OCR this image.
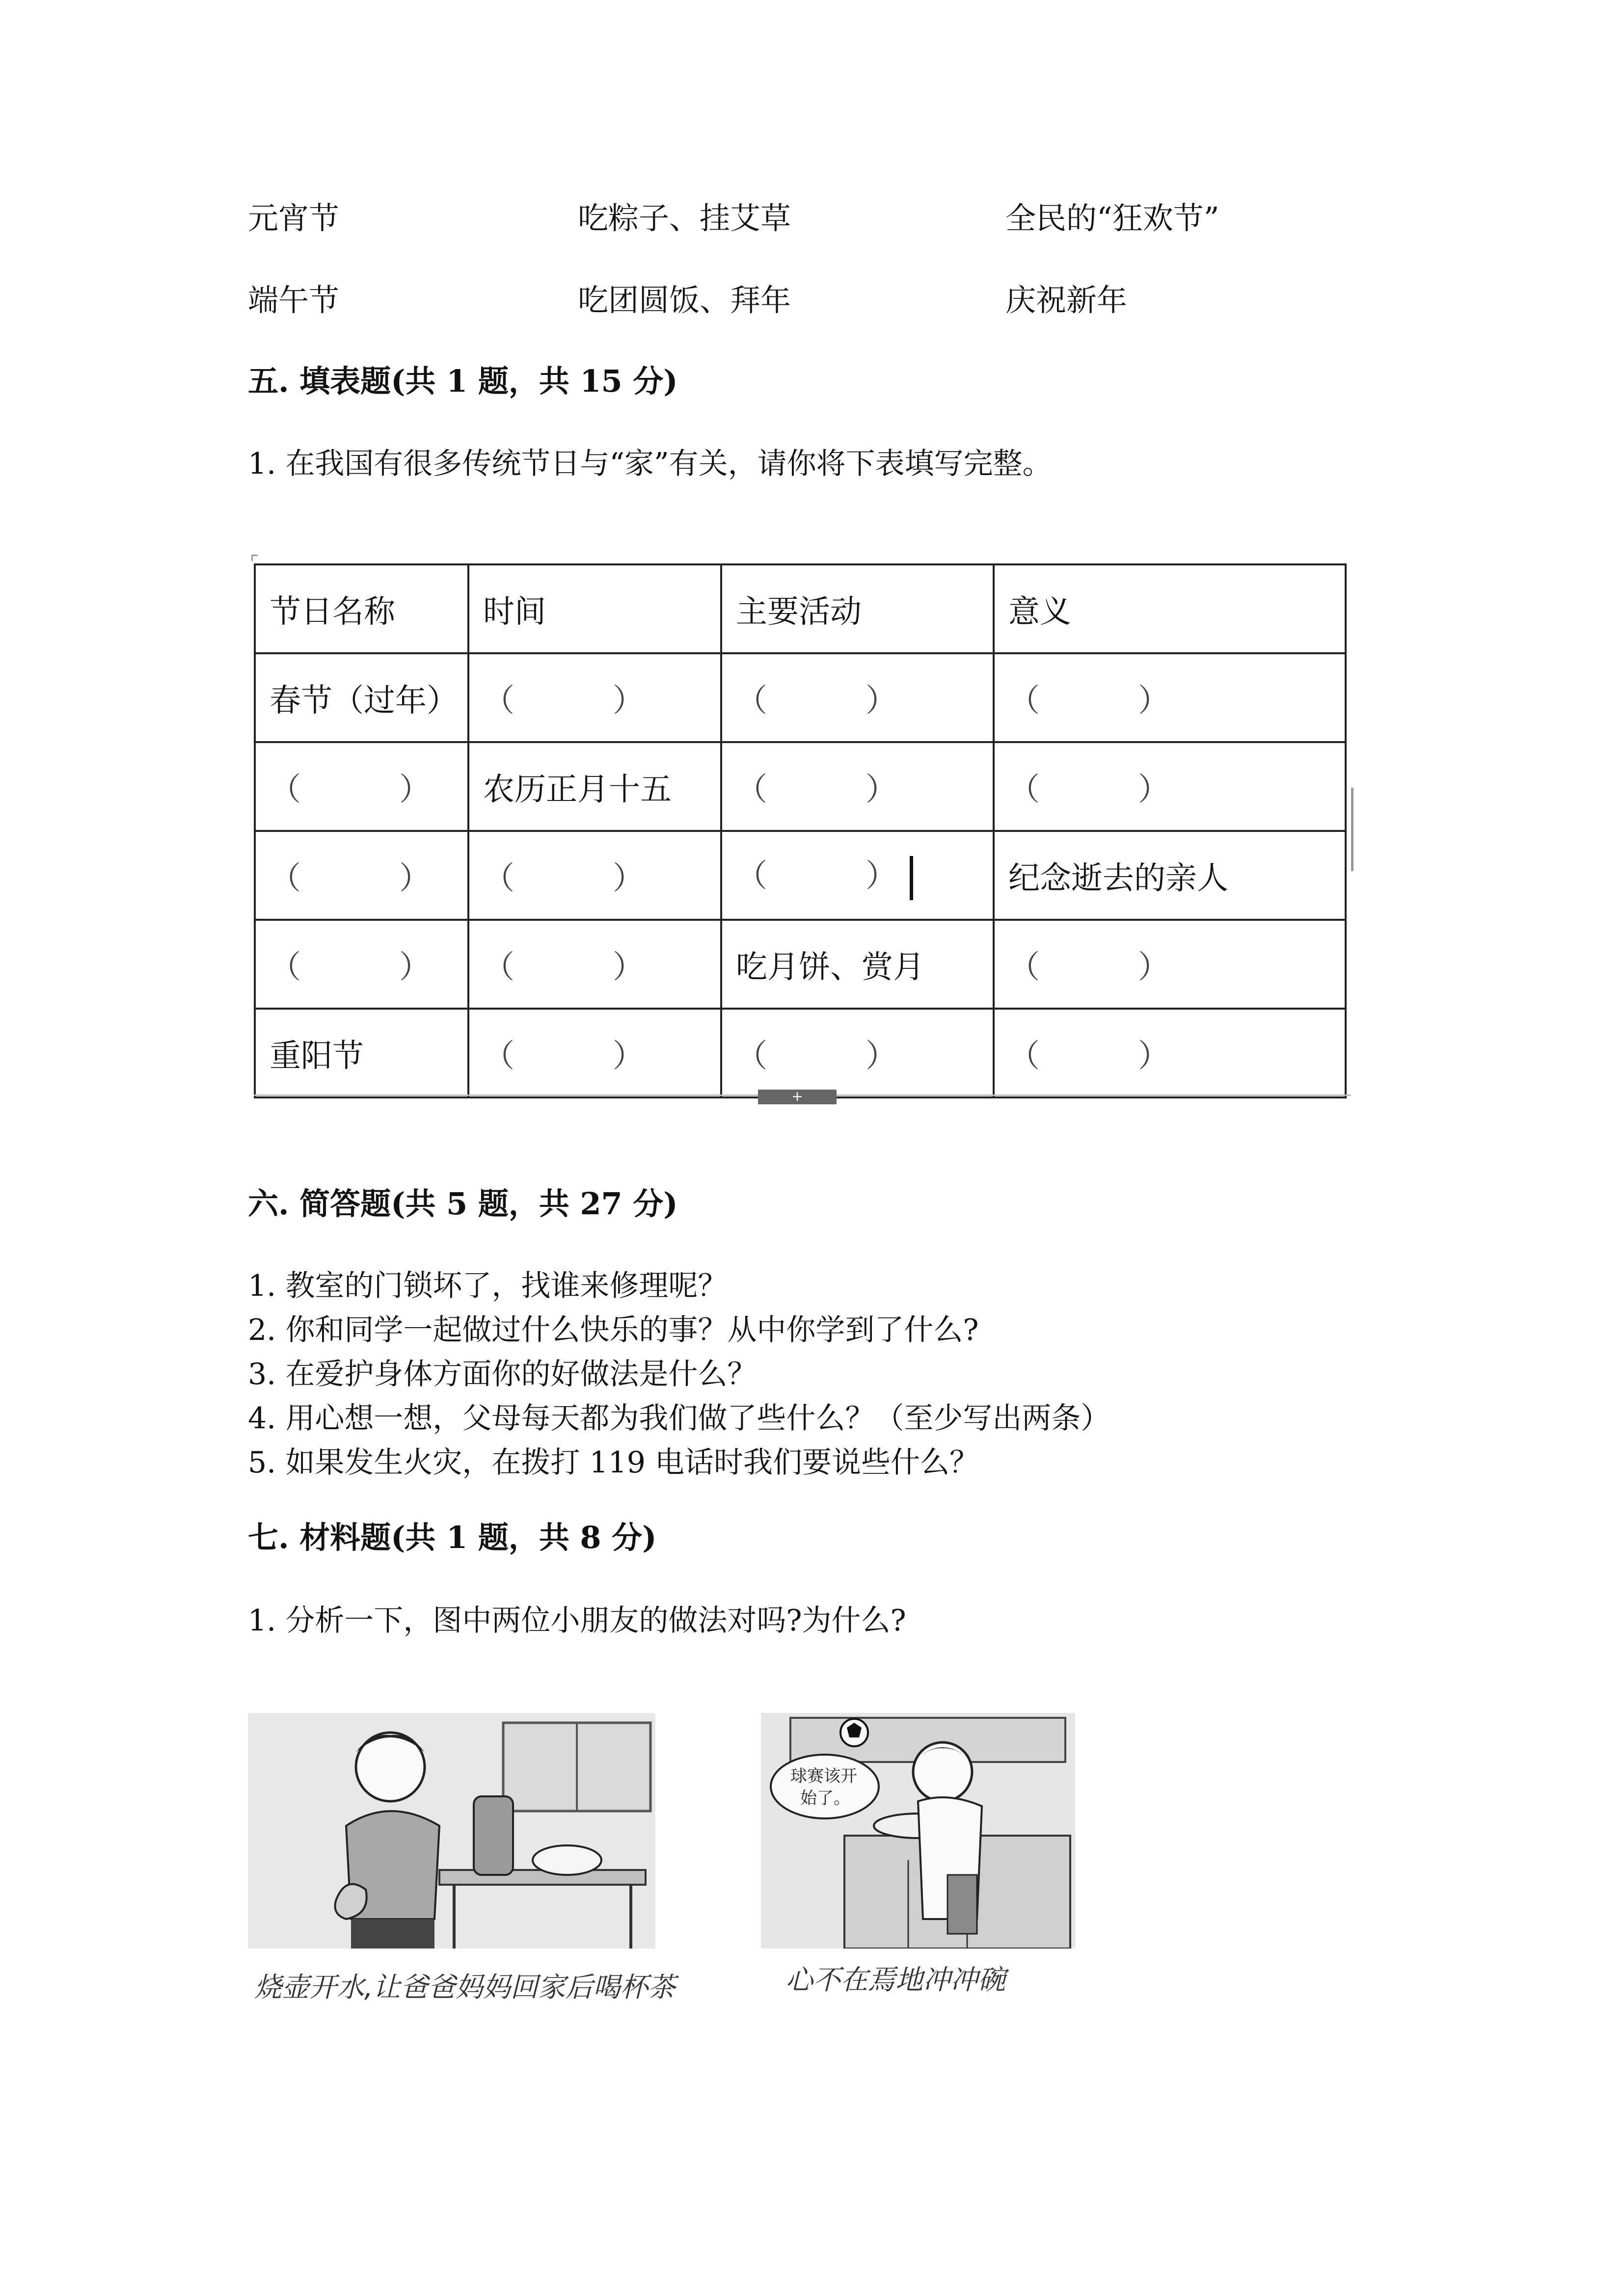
元宵节	吃粽子、挂艾草	全民的“狂欢节”
端午节	吃团圆饭、拜年	庆祝新年
五. 填表题(共 1 题，共 15 分)
1. 在我国有很多传统节日与“家”有关，请你将下表填写完整。
节日名称	时间	主要活动	意义
春节（过年）	（　　　）	（　　　）	（　　　）
（　　　）	农历正月十五	（　　　）	（　　　）
（　　　）	（　　　）	（　　　）	纪念逝去的亲人
（　　　）	（　　　）	吃月饼、赏月	（　　　）
重阳节	（　　　）	（　　　）	（　　　）
+
六. 简答题(共 5 题，共 27 分)
1. 教室的门锁坏了，找谁来修理呢？
2. 你和同学一起做过什么快乐的事？从中你学到了什么?
3. 在爱护身体方面你的好做法是什么？
4. 用心想一想，父母每天都为我们做了些什么？（至少写出两条）
5. 如果发生火灾，在拨打 119 电话时我们要说些什么？
七. 材料题(共 1 题，共 8 分)
1. 分析一下，图中两位小朋友的做法对吗?为什么?
烧壶开水,让爸爸妈妈回家后喝杯茶
球赛该开
始了。
心不在焉地冲冲碗
